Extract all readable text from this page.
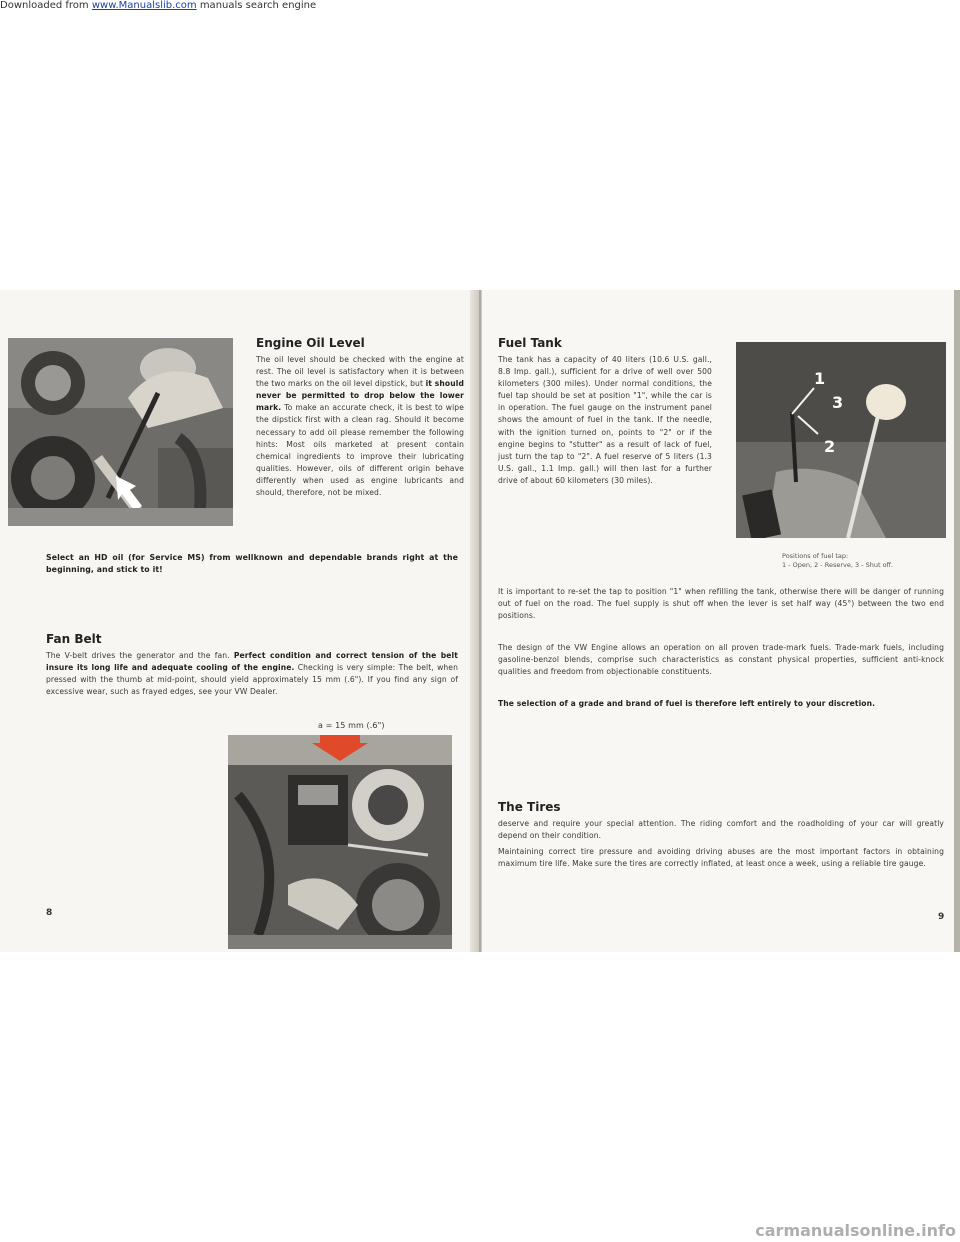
Downloaded from www.Manualslib.com manuals search engine
Engine Oil Level
The oil level should be checked with the engine at rest. The oil level is satisfactory when it is between the two marks on the oil level dipstick, but it should never be permitted to drop below the lower mark. To make an accurate check, it is best to wipe the dipstick first with a clean rag. Should it become necessary to add oil please remember the following hints: Most oils marketed at present contain chemical ingredients to improve their lubricating qualities. However, oils of different origin behave differently when used as engine lubricants and should, therefore, not be mixed.
Select an HD oil (for Service MS) from wellknown and dependable brands right at the beginning, and stick to it!
Fan Belt
The V-belt drives the generator and the fan. Perfect condition and correct tension of the belt insure its long life and adequate cooling of the engine. Checking is very simple: The belt, when pressed with the thumb at mid-point, should yield approximately 15 mm (.6"). If you find any sign of excessive wear, such as frayed edges, see your VW Dealer.
a = 15 mm (.6")
8
Fuel Tank
The tank has a capacity of 40 liters (10.6 U.S. gall., 8.8 Imp. gall.), sufficient for a drive of well over 500 kilometers (300 miles). Under normal conditions, the fuel tap should be set at position "1", while the car is in operation. The fuel gauge on the instrument panel shows the amount of fuel in the tank. If the needle, with the ignition turned on, points to "2" or if the engine begins to "stutter" as a result of lack of fuel, just turn the tap to "2". A fuel reserve of 5 liters (1.3 U.S. gall., 1.1 Imp. gall.) will then last for a further drive of about 60 kilometers (30 miles).
1
3
2
Positions of fuel tap:
1 - Open, 2 - Reserve, 3 - Shut off.
It is important to re-set the tap to position "1" when refilling the tank, otherwise there will be danger of running out of fuel on the road. The fuel supply is shut off when the lever is set half way (45°) between the two end positions.
The design of the VW Engine allows an operation on all proven trade-mark fuels. Trade-mark fuels, including gasoline-benzol blends, comprise such characteristics as constant physical properties, sufficient anti-knock qualities and freedom from objectionable constituents.
The selection of a grade and brand of fuel is therefore left entirely to your discretion.
The Tires
deserve and require your special attention. The riding comfort and the roadholding of your car will greatly depend on their condition.
Maintaining correct tire pressure and avoiding driving abuses are the most important factors in obtaining maximum tire life. Make sure the tires are correctly inflated, at least once a week, using a reliable tire gauge.
9
carmanualsonline.info
